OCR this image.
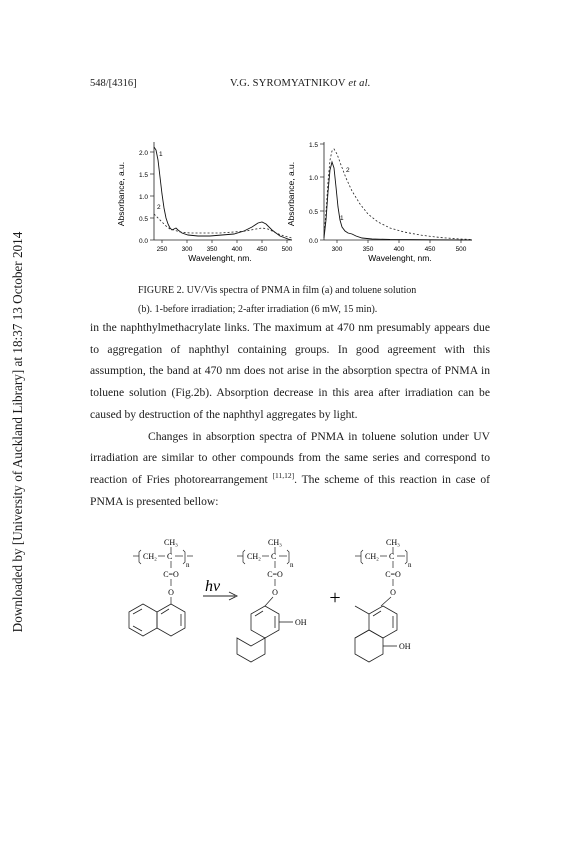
Downloaded by [University of Auckland Library] at 18:37 13 October 2014
548/[4316]	V.G. SYROMYATNIKOV et al.
0.0
0.5
1.0
1.5
2.0
250 300 350 400 450 500
Wavelenght, nm.
Absorbance, a.u.
1
2
0.0
0.5
1.0
1.5
300	350	400	450	500
Wavelenght, nm.
Absorbance, a.u.	1
2

FIGURE 2. UV/Vis spectra of PNMA in film (a) and toluene solution

(b). 1-before irradiation; 2-after irradiation (6 mW, 15 min).

in the naphthylmethacrylate links. The maximum at 470 nm presumably appears due to aggregation of naphthyl containing groups. In good agreement with this assumption, the band at 470 nm does not arise in the absorption spectra of PNMA in toluene solution (Fig.2b). Absorption decrease in this area after irradiation can be caused by destruction of the naphthyl aggregates by light.

Changes in absorption spectra of PNMA in toluene solution under UV irradiation are similar to other compounds from the same series and correspond to reaction of Fries photorearrangement [11,12]. The scheme of this reaction in case of PNMA is presented bellow:

CH₃
CH₂ C
n
C=O
O hv
CH₃
CH₂ C
n
C=O
O
OH
+
CH₃
CH₂ C
n
C=O
O
OH
